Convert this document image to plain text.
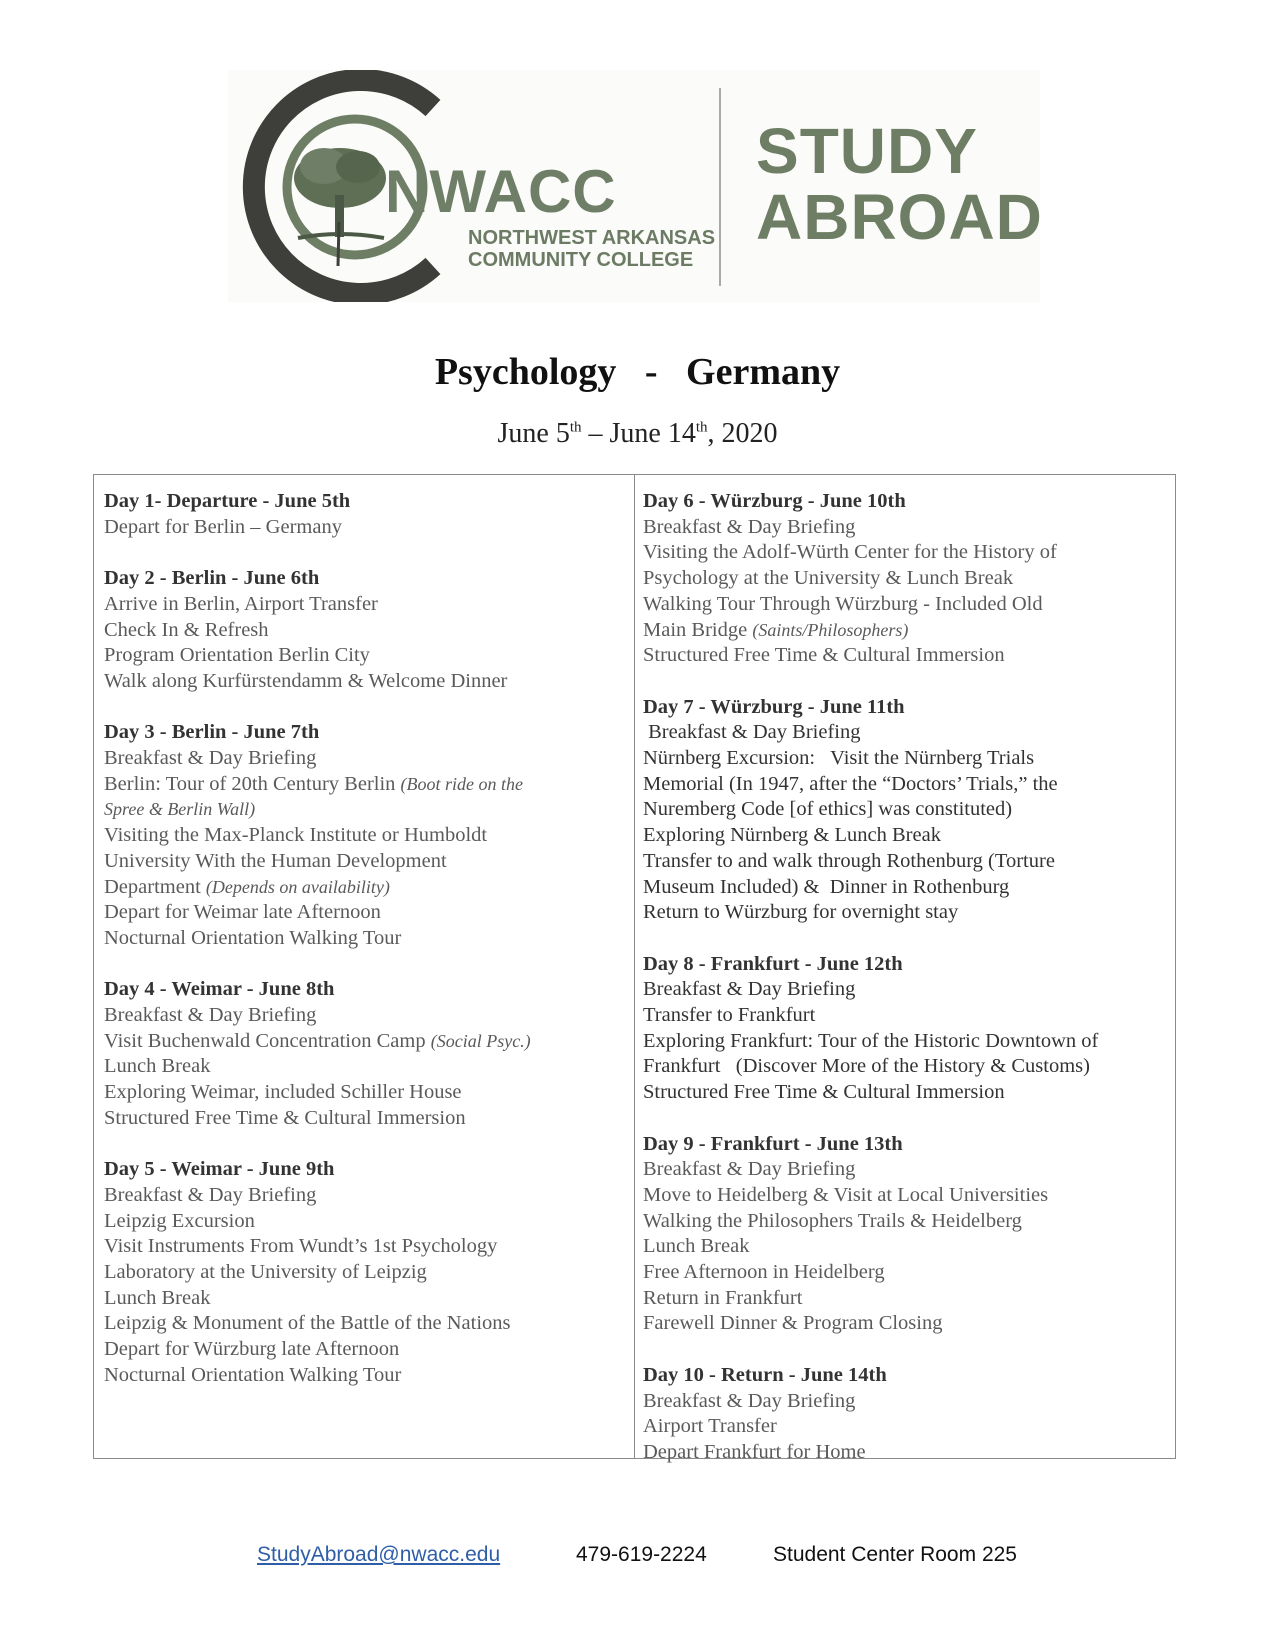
NWACC
NORTHWEST ARKANSAS
COMMUNITY COLLEGE
STUDY
ABROAD
Psychology   -   Germany
June 5th – June 14th, 2020
Day 1- Departure - June 5th
Depart for Berlin – Germany
Day 2 - Berlin - June 6th
Arrive in Berlin, Airport Transfer
Check In & Refresh
Program Orientation Berlin City
Walk along Kurfürstendamm & Welcome Dinner
Day 3 - Berlin - June 7th
Breakfast & Day Briefing
Berlin: Tour of 20th Century Berlin (Boot ride on the
Spree & Berlin Wall)
Visiting the Max-Planck Institute or Humboldt
University With the Human Development
Department (Depends on availability)
Depart for Weimar late Afternoon
Nocturnal Orientation Walking Tour
Day 4 - Weimar - June 8th
Breakfast & Day Briefing
Visit Buchenwald Concentration Camp (Social Psyc.)
Lunch Break
Exploring Weimar, included Schiller House
Structured Free Time & Cultural Immersion
Day 5 - Weimar - June 9th
Breakfast & Day Briefing
Leipzig Excursion
Visit Instruments From Wundt’s 1st Psychology
Laboratory at the University of Leipzig
Lunch Break
Leipzig & Monument of the Battle of the Nations
Depart for Würzburg late Afternoon
Nocturnal Orientation Walking Tour
Day 6 - Würzburg - June 10th
Breakfast & Day Briefing
Visiting the Adolf-Würth Center for the History of
Psychology at the University & Lunch Break
Walking Tour Through Würzburg - Included Old
Main Bridge (Saints/Philosophers)
Structured Free Time & Cultural Immersion
Day 7 - Würzburg - June 11th
Breakfast & Day Briefing
Nürnberg Excursion:   Visit the Nürnberg Trials
Memorial (In 1947, after the “Doctors’ Trials,” the
Nuremberg Code [of ethics] was constituted)
Exploring Nürnberg & Lunch Break
Transfer to and walk through Rothenburg (Torture
Museum Included) &  Dinner in Rothenburg
Return to Würzburg for overnight stay
Day 8 - Frankfurt - June 12th
Breakfast & Day Briefing
Transfer to Frankfurt
Exploring Frankfurt: Tour of the Historic Downtown of
Frankfurt   (Discover More of the History & Customs)
Structured Free Time & Cultural Immersion
Day 9 - Frankfurt - June 13th
Breakfast & Day Briefing
Move to Heidelberg & Visit at Local Universities
Walking the Philosophers Trails & Heidelberg
Lunch Break
Free Afternoon in Heidelberg
Return in Frankfurt
Farewell Dinner & Program Closing
Day 10 - Return - June 14th
Breakfast & Day Briefing
Airport Transfer
Depart Frankfurt for Home
StudyAbroad@nwacc.edu	479-619-2224	Student Center Room 225
